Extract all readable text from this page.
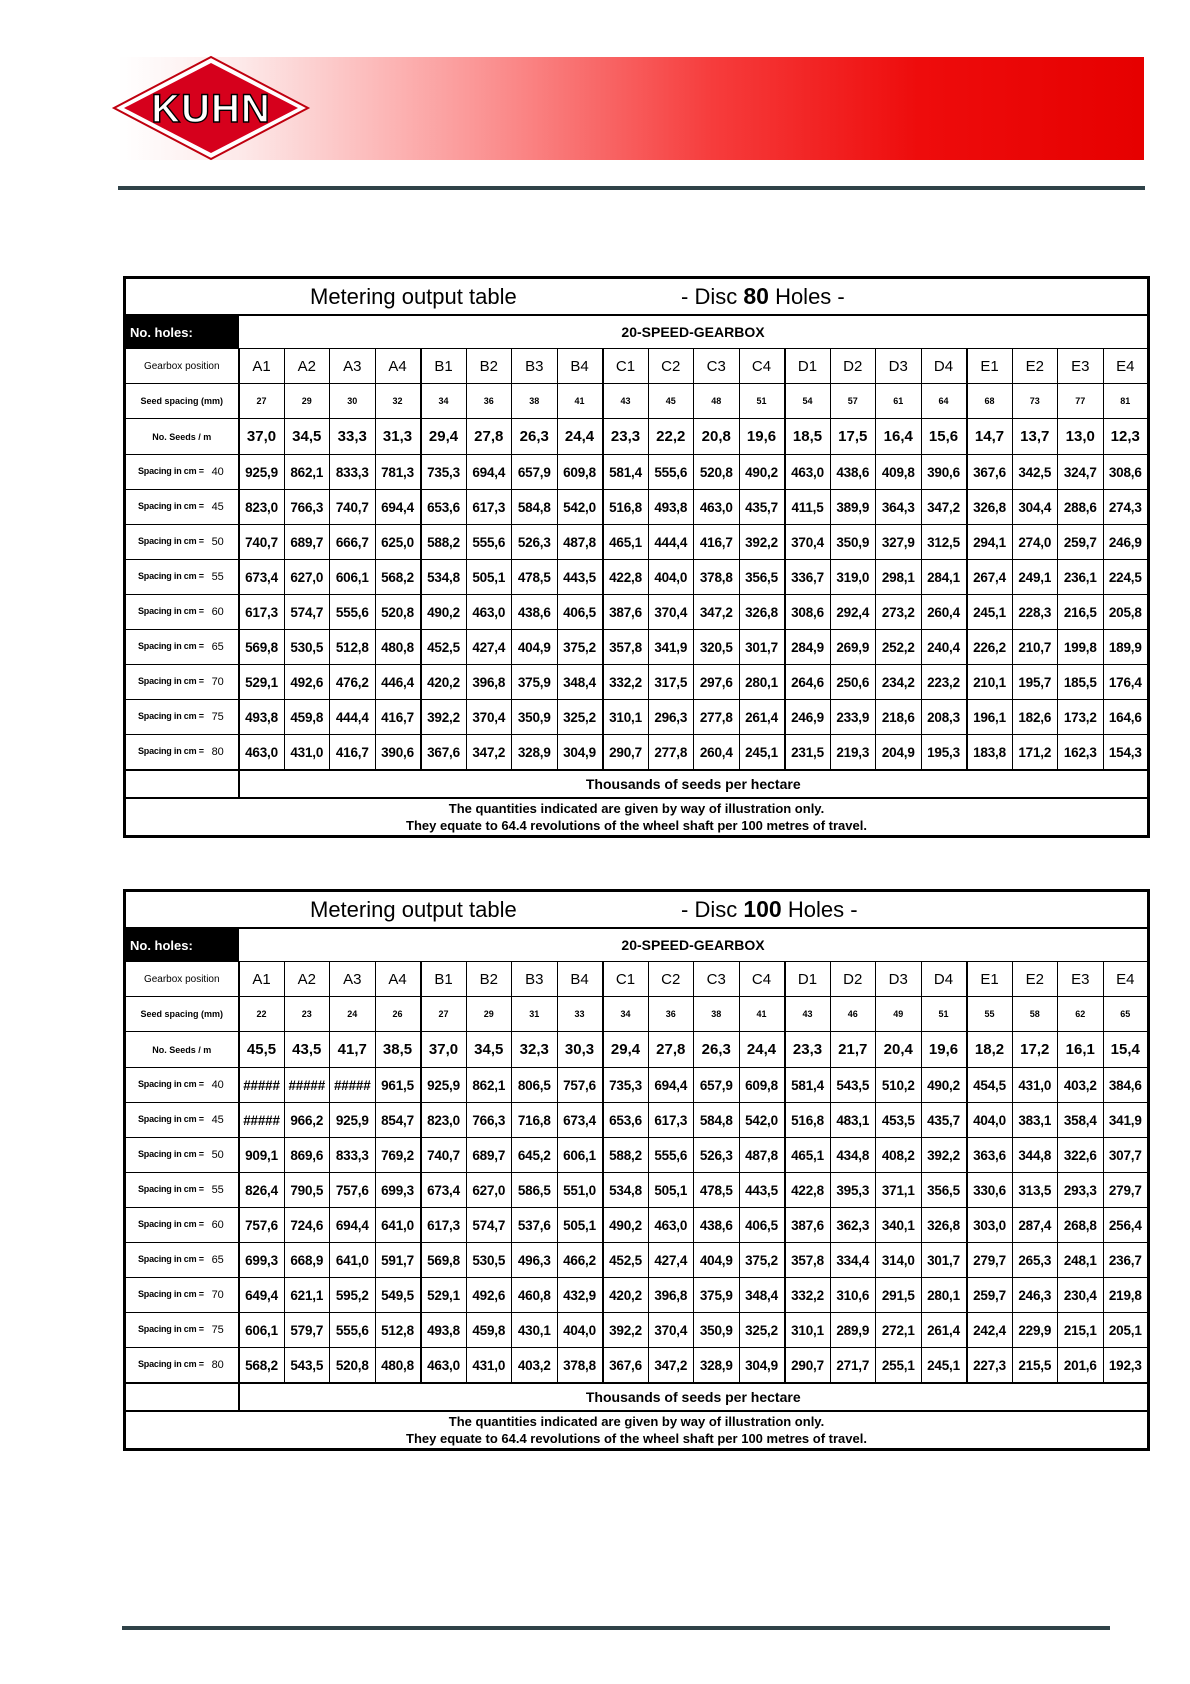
KUHN
Metering output table - Disc 80 Holes -																				
No. holes: 80	20-SPEED-GEARBOX																			
Gearbox position	A1	A2	A3	A4	B1	B2	B3	B4	C1	C2	C3	C4	D1	D2	D3	D4	E1	E2	E3	E4
Seed spacing (mm)	27	29	30	32	34	36	38	41	43	45	48	51	54	57	61	64	68	73	77	81
No. Seeds / m	37,0	34,5	33,3	31,3	29,4	27,8	26,3	24,4	23,3	22,2	20,8	19,6	18,5	17,5	16,4	15,6	14,7	13,7	13,0	12,3
Spacing in cm = 40	925,9	862,1	833,3	781,3	735,3	694,4	657,9	609,8	581,4	555,6	520,8	490,2	463,0	438,6	409,8	390,6	367,6	342,5	324,7	308,6
Spacing in cm = 45	823,0	766,3	740,7	694,4	653,6	617,3	584,8	542,0	516,8	493,8	463,0	435,7	411,5	389,9	364,3	347,2	326,8	304,4	288,6	274,3
Spacing in cm = 50	740,7	689,7	666,7	625,0	588,2	555,6	526,3	487,8	465,1	444,4	416,7	392,2	370,4	350,9	327,9	312,5	294,1	274,0	259,7	246,9
Spacing in cm = 55	673,4	627,0	606,1	568,2	534,8	505,1	478,5	443,5	422,8	404,0	378,8	356,5	336,7	319,0	298,1	284,1	267,4	249,1	236,1	224,5
Spacing in cm = 60	617,3	574,7	555,6	520,8	490,2	463,0	438,6	406,5	387,6	370,4	347,2	326,8	308,6	292,4	273,2	260,4	245,1	228,3	216,5	205,8
Spacing in cm = 65	569,8	530,5	512,8	480,8	452,5	427,4	404,9	375,2	357,8	341,9	320,5	301,7	284,9	269,9	252,2	240,4	226,2	210,7	199,8	189,9
Spacing in cm = 70	529,1	492,6	476,2	446,4	420,2	396,8	375,9	348,4	332,2	317,5	297,6	280,1	264,6	250,6	234,2	223,2	210,1	195,7	185,5	176,4
Spacing in cm = 75	493,8	459,8	444,4	416,7	392,2	370,4	350,9	325,2	310,1	296,3	277,8	261,4	246,9	233,9	218,6	208,3	196,1	182,6	173,2	164,6
Spacing in cm = 80	463,0	431,0	416,7	390,6	367,6	347,2	328,9	304,9	290,7	277,8	260,4	245,1	231,5	219,3	204,9	195,3	183,8	171,2	162,3	154,3
	Thousands of seeds per hectare																			

The quantities indicated are given by way of illustration only.
They equate to 64.4 revolutions of the wheel shaft per 100 metres of travel.																				
Metering output table - Disc 100 Holes -																				
No. holes: 100	20-SPEED-GEARBOX																			
Gearbox position	A1	A2	A3	A4	B1	B2	B3	B4	C1	C2	C3	C4	D1	D2	D3	D4	E1	E2	E3	E4
Seed spacing (mm)	22	23	24	26	27	29	31	33	34	36	38	41	43	46	49	51	55	58	62	65
No. Seeds / m	45,5	43,5	41,7	38,5	37,0	34,5	32,3	30,3	29,4	27,8	26,3	24,4	23,3	21,7	20,4	19,6	18,2	17,2	16,1	15,4
Spacing in cm = 40	#####	#####	#####	961,5	925,9	862,1	806,5	757,6	735,3	694,4	657,9	609,8	581,4	543,5	510,2	490,2	454,5	431,0	403,2	384,6
Spacing in cm = 45	#####	966,2	925,9	854,7	823,0	766,3	716,8	673,4	653,6	617,3	584,8	542,0	516,8	483,1	453,5	435,7	404,0	383,1	358,4	341,9
Spacing in cm = 50	909,1	869,6	833,3	769,2	740,7	689,7	645,2	606,1	588,2	555,6	526,3	487,8	465,1	434,8	408,2	392,2	363,6	344,8	322,6	307,7
Spacing in cm = 55	826,4	790,5	757,6	699,3	673,4	627,0	586,5	551,0	534,8	505,1	478,5	443,5	422,8	395,3	371,1	356,5	330,6	313,5	293,3	279,7
Spacing in cm = 60	757,6	724,6	694,4	641,0	617,3	574,7	537,6	505,1	490,2	463,0	438,6	406,5	387,6	362,3	340,1	326,8	303,0	287,4	268,8	256,4
Spacing in cm = 65	699,3	668,9	641,0	591,7	569,8	530,5	496,3	466,2	452,5	427,4	404,9	375,2	357,8	334,4	314,0	301,7	279,7	265,3	248,1	236,7
Spacing in cm = 70	649,4	621,1	595,2	549,5	529,1	492,6	460,8	432,9	420,2	396,8	375,9	348,4	332,2	310,6	291,5	280,1	259,7	246,3	230,4	219,8
Spacing in cm = 75	606,1	579,7	555,6	512,8	493,8	459,8	430,1	404,0	392,2	370,4	350,9	325,2	310,1	289,9	272,1	261,4	242,4	229,9	215,1	205,1
Spacing in cm = 80	568,2	543,5	520,8	480,8	463,0	431,0	403,2	378,8	367,6	347,2	328,9	304,9	290,7	271,7	255,1	245,1	227,3	215,5	201,6	192,3
	Thousands of seeds per hectare																			

The quantities indicated are given by way of illustration only.
They equate to 64.4 revolutions of the wheel shaft per 100 metres of travel.																				
